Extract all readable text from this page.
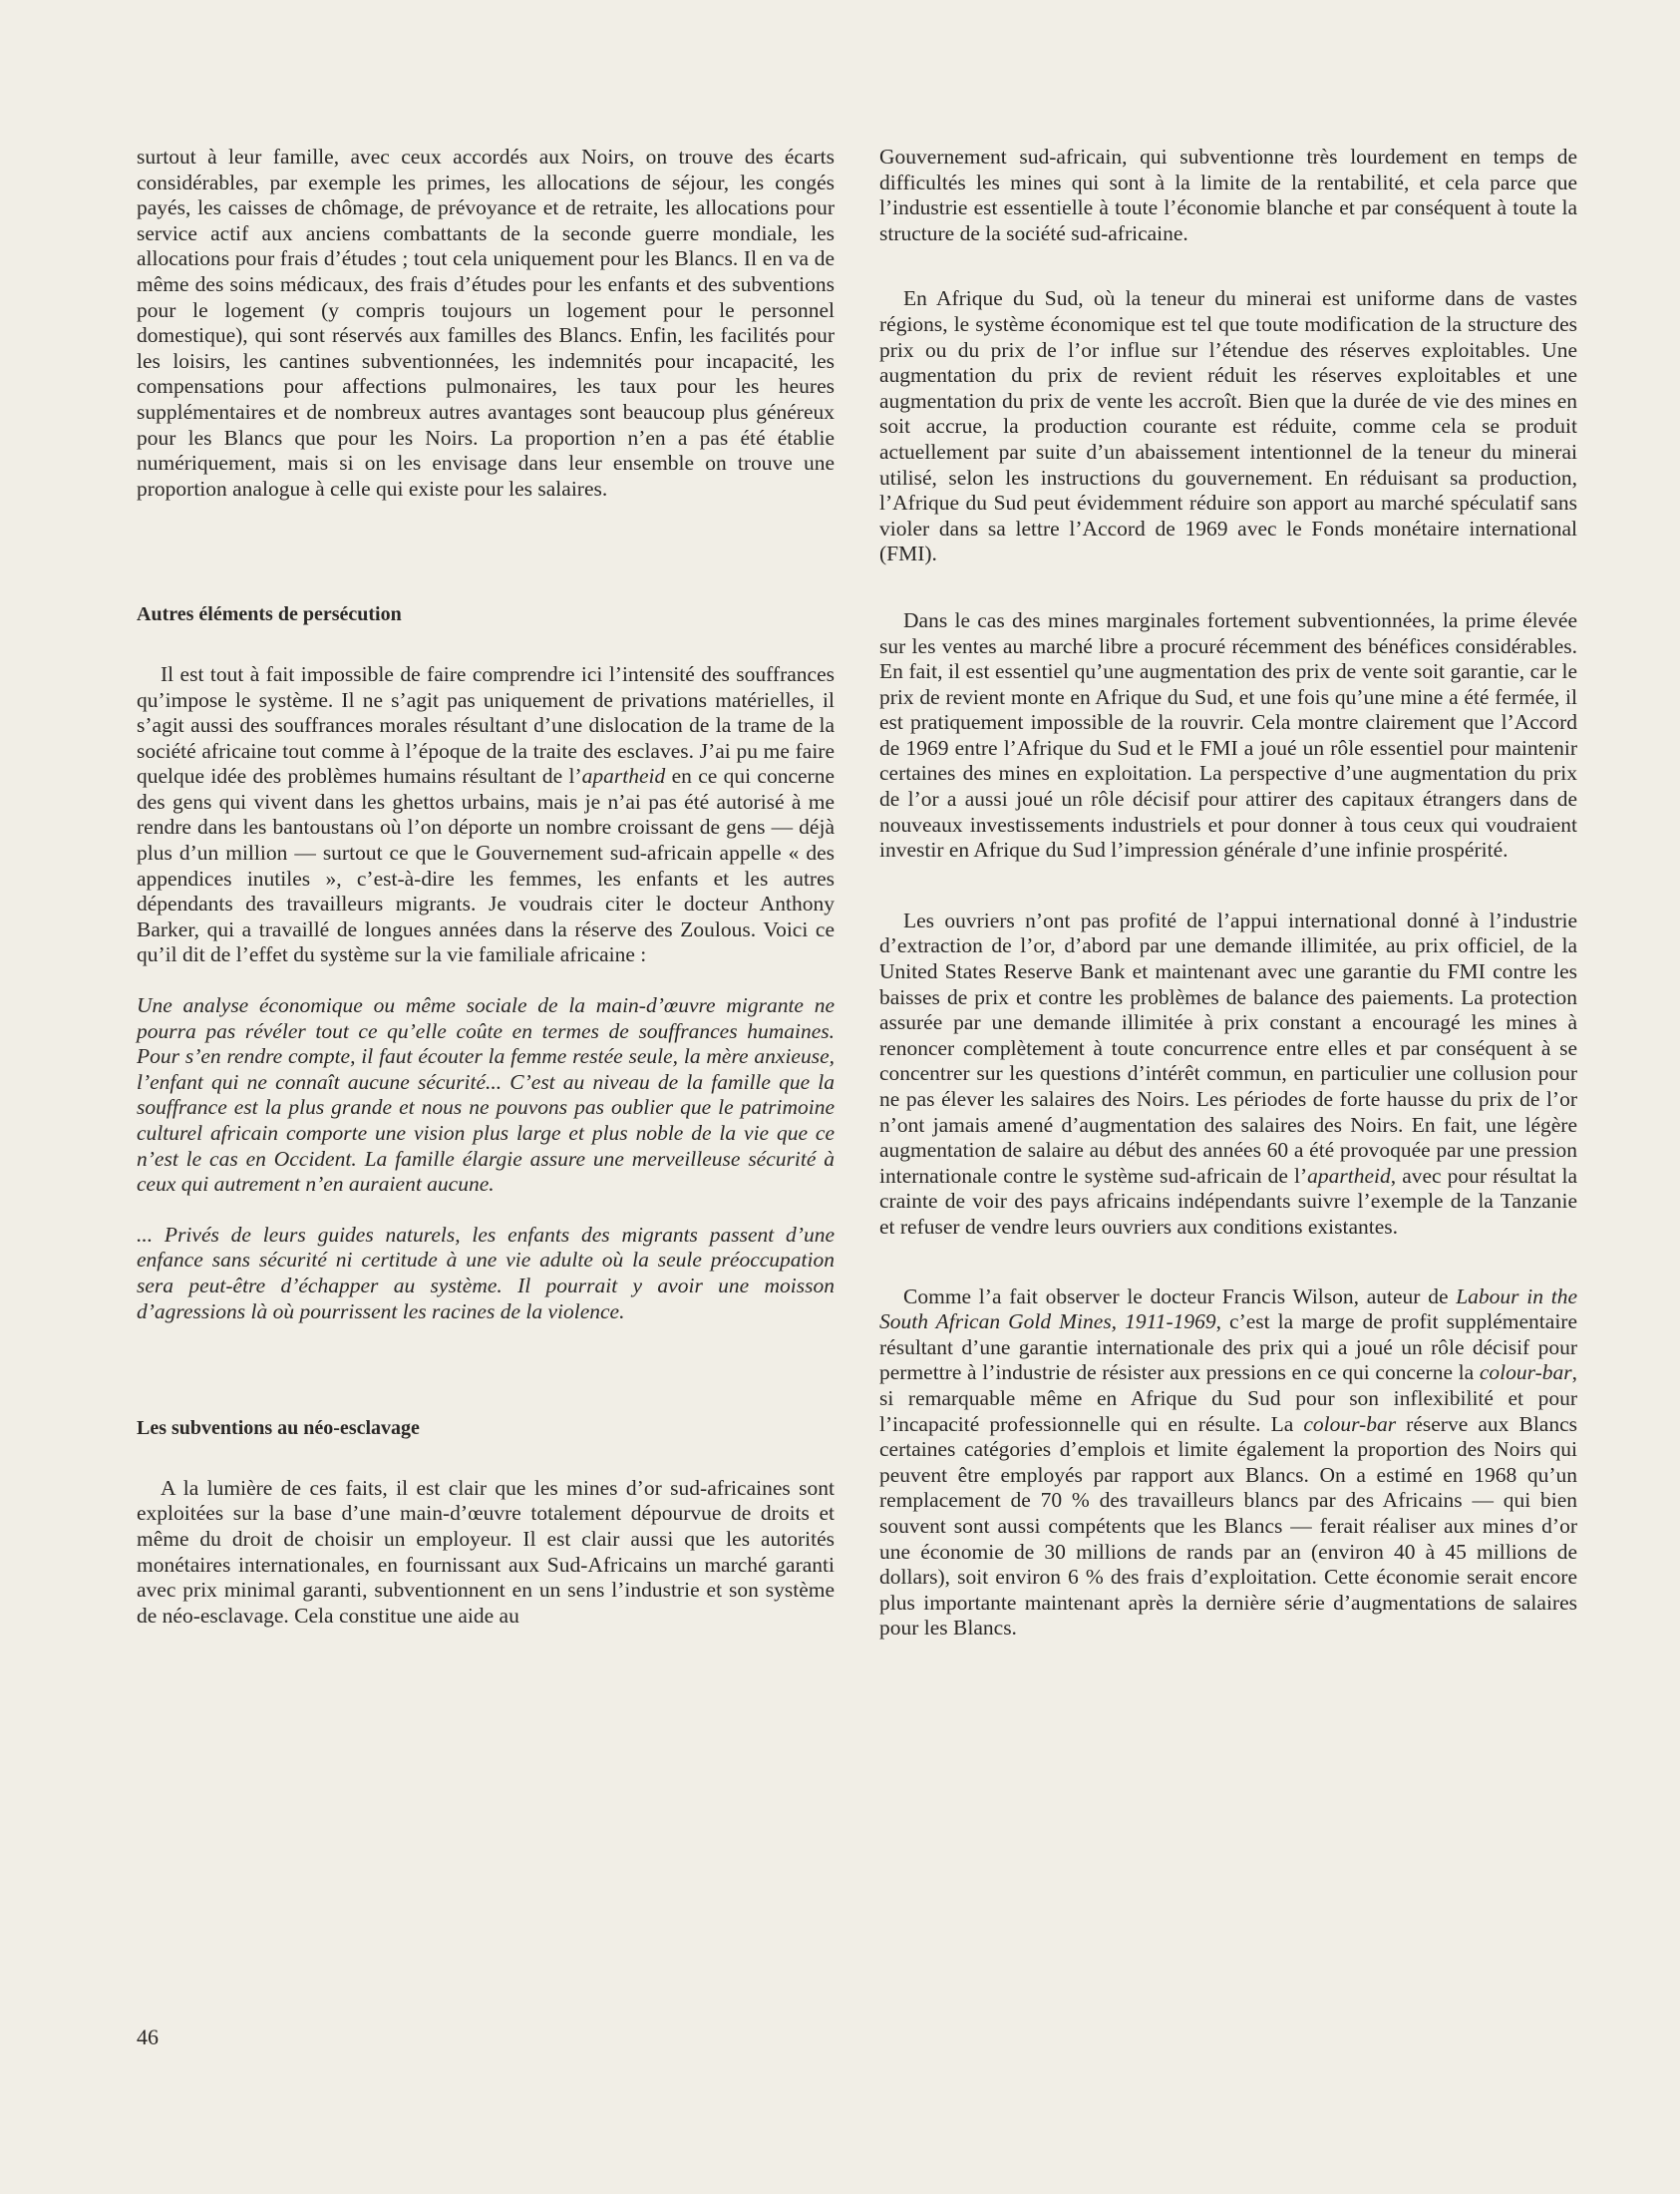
surtout à leur famille, avec ceux accordés aux Noirs, on trouve des écarts considérables, par exemple les primes, les allocations de séjour, les congés payés, les caisses de chômage, de prévoyance et de retraite, les allocations pour service actif aux anciens combattants de la seconde guerre mondiale, les allocations pour frais d’études ; tout cela uniquement pour les Blancs. Il en va de même des soins médicaux, des frais d’études pour les enfants et des subventions pour le logement (y compris toujours un logement pour le personnel domestique), qui sont réservés aux familles des Blancs. Enfin, les facilités pour les loisirs, les cantines subventionnées, les indemnités pour incapacité, les compensations pour affections pulmonaires, les taux pour les heures supplémentaires et de nombreux autres avantages sont beaucoup plus généreux pour les Blancs que pour les Noirs. La proportion n’en a pas été établie numériquement, mais si on les envisage dans leur ensemble on trouve une proportion analogue à celle qui existe pour les salaires.

Autres éléments de persécution

Il est tout à fait impossible de faire comprendre ici l’intensité des souffrances qu’impose le système. Il ne s’agit pas uniquement de privations matérielles, il s’agit aussi des souffrances morales résultant d’une dislocation de la trame de la société africaine tout comme à l’époque de la traite des esclaves. J’ai pu me faire quelque idée des problèmes humains résultant de l’apartheid en ce qui concerne des gens qui vivent dans les ghettos urbains, mais je n’ai pas été autorisé à me rendre dans les bantoustans où l’on déporte un nombre croissant de gens — déjà plus d’un million — surtout ce que le Gouvernement sud-africain appelle « des appendices inutiles », c’est-à-dire les femmes, les enfants et les autres dépendants des travailleurs migrants. Je voudrais citer le docteur Anthony Barker, qui a travaillé de longues années dans la réserve des Zoulous. Voici ce qu’il dit de l’effet du système sur la vie familiale africaine :

Une analyse économique ou même sociale de la main-d’œuvre migrante ne pourra pas révéler tout ce qu’elle coûte en termes de souffrances humaines. Pour s’en rendre compte, il faut écouter la femme restée seule, la mère anxieuse, l’enfant qui ne connaît aucune sécurité... C’est au niveau de la famille que la souffrance est la plus grande et nous ne pouvons pas oublier que le patrimoine culturel africain comporte une vision plus large et plus noble de la vie que ce n’est le cas en Occident. La famille élargie assure une merveilleuse sécurité à ceux qui autrement n’en auraient aucune.

... Privés de leurs guides naturels, les enfants des migrants passent d’une enfance sans sécurité ni certitude à une vie adulte où la seule préoccupation sera peut-être d’échapper au système. Il pourrait y avoir une moisson d’agressions là où pourrissent les racines de la violence.

Les subventions au néo-esclavage

A la lumière de ces faits, il est clair que les mines d’or sud-africaines sont exploitées sur la base d’une main-d’œuvre totalement dépourvue de droits et même du droit de choisir un employeur. Il est clair aussi que les autorités monétaires internationales, en fournissant aux Sud-Africains un marché garanti avec prix minimal garanti, subventionnent en un sens l’industrie et son système de néo-esclavage. Cela constitue une aide au

Gouvernement sud-africain, qui subventionne très lourdement en temps de difficultés les mines qui sont à la limite de la rentabilité, et cela parce que l’industrie est essentielle à toute l’économie blanche et par conséquent à toute la structure de la société sud-africaine.

En Afrique du Sud, où la teneur du minerai est uniforme dans de vastes régions, le système économique est tel que toute modification de la structure des prix ou du prix de l’or influe sur l’étendue des réserves exploitables. Une augmentation du prix de revient réduit les réserves exploitables et une augmentation du prix de vente les accroît. Bien que la durée de vie des mines en soit accrue, la production courante est réduite, comme cela se produit actuellement par suite d’un abaissement intentionnel de la teneur du minerai utilisé, selon les instructions du gouvernement. En réduisant sa production, l’Afrique du Sud peut évidemment réduire son apport au marché spéculatif sans violer dans sa lettre l’Accord de 1969 avec le Fonds monétaire international (FMI).

Dans le cas des mines marginales fortement subventionnées, la prime élevée sur les ventes au marché libre a procuré récemment des bénéfices considérables. En fait, il est essentiel qu’une augmentation des prix de vente soit garantie, car le prix de revient monte en Afrique du Sud, et une fois qu’une mine a été fermée, il est pratiquement impossible de la rouvrir. Cela montre clairement que l’Accord de 1969 entre l’Afrique du Sud et le FMI a joué un rôle essentiel pour maintenir certaines des mines en exploitation. La perspective d’une augmentation du prix de l’or a aussi joué un rôle décisif pour attirer des capitaux étrangers dans de nouveaux investissements industriels et pour donner à tous ceux qui voudraient investir en Afrique du Sud l’impression générale d’une infinie prospérité.

Les ouvriers n’ont pas profité de l’appui international donné à l’industrie d’extraction de l’or, d’abord par une demande illimitée, au prix officiel, de la United States Reserve Bank et maintenant avec une garantie du FMI contre les baisses de prix et contre les problèmes de balance des paiements. La protection assurée par une demande illimitée à prix constant a encouragé les mines à renoncer complètement à toute concurrence entre elles et par conséquent à se concentrer sur les questions d’intérêt commun, en particulier une collusion pour ne pas élever les salaires des Noirs. Les périodes de forte hausse du prix de l’or n’ont jamais amené d’augmentation des salaires des Noirs. En fait, une légère augmentation de salaire au début des années 60 a été provoquée par une pression internationale contre le système sud-africain de l’apartheid, avec pour résultat la crainte de voir des pays africains indépendants suivre l’exemple de la Tanzanie et refuser de vendre leurs ouvriers aux conditions existantes.

Comme l’a fait observer le docteur Francis Wilson, auteur de Labour in the South African Gold Mines, 1911-1969, c’est la marge de profit supplémentaire résultant d’une garantie internationale des prix qui a joué un rôle décisif pour permettre à l’industrie de résister aux pressions en ce qui concerne la colour-bar, si remarquable même en Afrique du Sud pour son inflexibilité et pour l’incapacité professionnelle qui en résulte. La colour-bar réserve aux Blancs certaines catégories d’emplois et limite également la proportion des Noirs qui peuvent être employés par rapport aux Blancs. On a estimé en 1968 qu’un remplacement de 70 % des travailleurs blancs par des Africains — qui bien souvent sont aussi compétents que les Blancs — ferait réaliser aux mines d’or une économie de 30 millions de rands par an (environ 40 à 45 millions de dollars), soit environ 6 % des frais d’exploitation. Cette économie serait encore plus importante maintenant après la dernière série d’augmentations de salaires pour les Blancs.

46
